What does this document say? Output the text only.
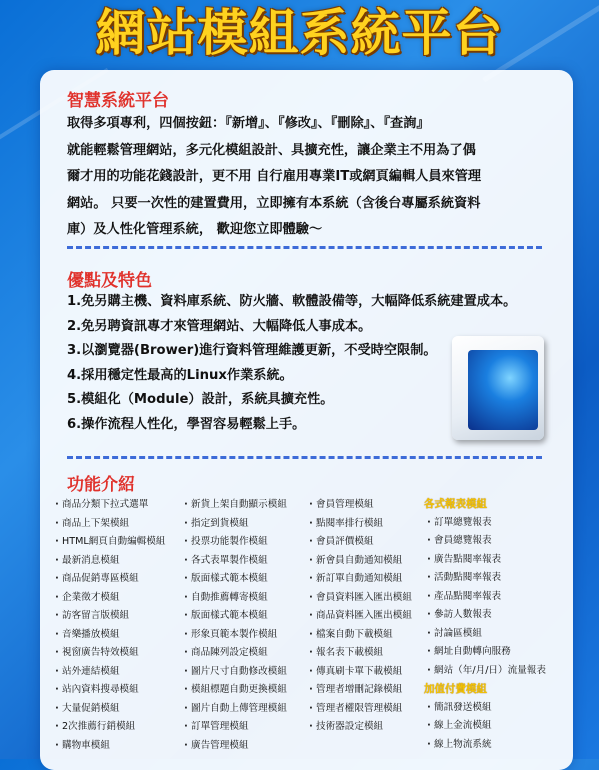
網站模組系統平台
智慧系統平台
取得多項專利，四個按鈕：『新增』、『修改』、『刪除』、『查詢』
就能輕鬆管理網站，多元化模組設計、具擴充性，讓企業主不用為了偶
爾才用的功能花錢設計，更不用 自行雇用專業IT或網頁編輯人員來管理
網站。 只要一次性的建置費用，立即擁有本系統（含後台專屬系統資料
庫）及人性化管理系統， 歡迎您立即體驗～
優點及特色
1.免另購主機、資料庫系統、防火牆、軟體設備等，大幅降低系統建置成本。
2.免另聘資訊專才來管理網站、大幅降低人事成本。
3.以瀏覽器(Brower)進行資料管理維護更新，不受時空限制。
4.採用穩定性最高的Linux作業系統。
5.模組化（Module）設計，系統具擴充性。
6.操作流程人性化，學習容易輕鬆上手。
功能介紹
· 商品分類下拉式選單
· 商品上下架模組
· HTML網頁自動編輯模組
· 最新消息模組
· 商品促銷專區模組
· 企業徵才模組
· 訪客留言版模組
· 音樂播放模組
· 視窗廣告特效模組
· 站外連結模組
· 站內資料搜尋模組
· 大量促銷模組
· 2次推薦行銷模組
· 購物車模組
· 新貨上架自動顯示模組
· 指定到貨模組
· 投票功能製作模組
· 各式表單製作模組
· 版面樣式範本模組
· 自動推薦轉寄模組
· 版面樣式範本模組
· 形象頁範本製作模組
· 商品陳列設定模組
· 圖片尺寸自動修改模組
· 模組標題自動更換模組
· 圖片自動上傳管理模組
· 訂單管理模組
· 廣告管理模組
· 會員管理模組
· 點閱率排行模組
· 會員評價模組
· 新會員自動通知模組
· 新訂單自動通知模組
· 會員資料匯入匯出模組
· 商品資料匯入匯出模組
· 檔案自動下載模組
· 報名表下載模組
· 傳真刷卡單下載模組
· 管理者增刪記錄模組
· 管理者權限管理模組
· 技術器設定模組
各式報表模組
· 訂單總覽報表
· 會員總覽報表
· 廣告點閱率報表
· 活動點閱率報表
· 產品點閱率報表
· 參訪人數報表
· 討論區模組
· 網址自動轉向服務
· 網站（年/月/日）流量報表
加值付費模組
· 簡訊發送模組
· 線上金流模組
· 線上物流系統
